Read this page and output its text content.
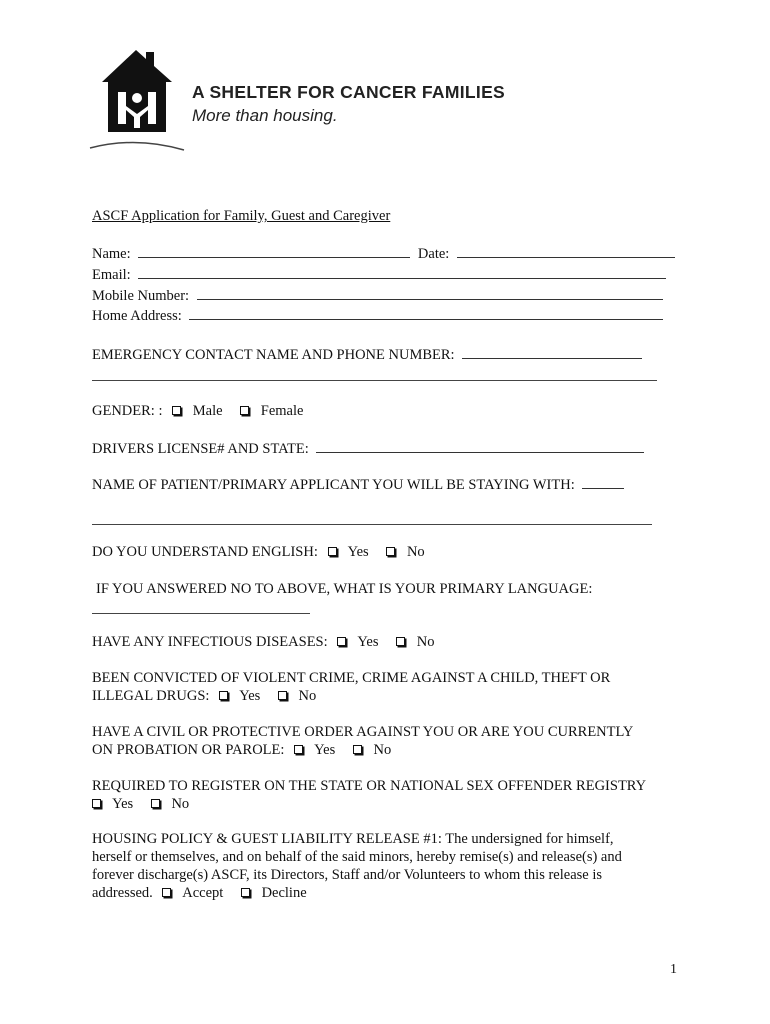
A SHELTER FOR CANCER FAMILIES
More than housing.
ASCF Application for Family, Guest and Caregiver
Name:	Date:
Email:
Mobile Number:
Home Address:
EMERGENCY CONTACT NAME AND PHONE NUMBER:
GENDER: : Male	Female
DRIVERS LICENSE# AND STATE:
NAME OF PATIENT/PRIMARY APPLICANT YOU WILL BE STAYING WITH:
DO YOU UNDERSTAND ENGLISH: Yes	No
IF YOU ANSWERED NO TO ABOVE, WHAT IS YOUR PRIMARY LANGUAGE:
HAVE ANY INFECTIOUS DISEASES: Yes	No
BEEN CONVICTED OF VIOLENT CRIME, CRIME AGAINST A CHILD, THEFT OR
ILLEGAL DRUGS: Yes	No
HAVE A CIVIL OR PROTECTIVE ORDER AGAINST YOU OR ARE YOU CURRENTLY
ON PROBATION OR PAROLE: Yes	No
REQUIRED TO REGISTER ON THE STATE OR NATIONAL SEX OFFENDER REGISTRY
Yes	No
HOUSING POLICY & GUEST LIABILITY RELEASE #1: The undersigned for himself,
herself or themselves, and on behalf of the said minors, hereby remise(s) and release(s) and
forever discharge(s) ASCF, its Directors, Staff and/or Volunteers to whom this release is
addressed. Accept	Decline
1
